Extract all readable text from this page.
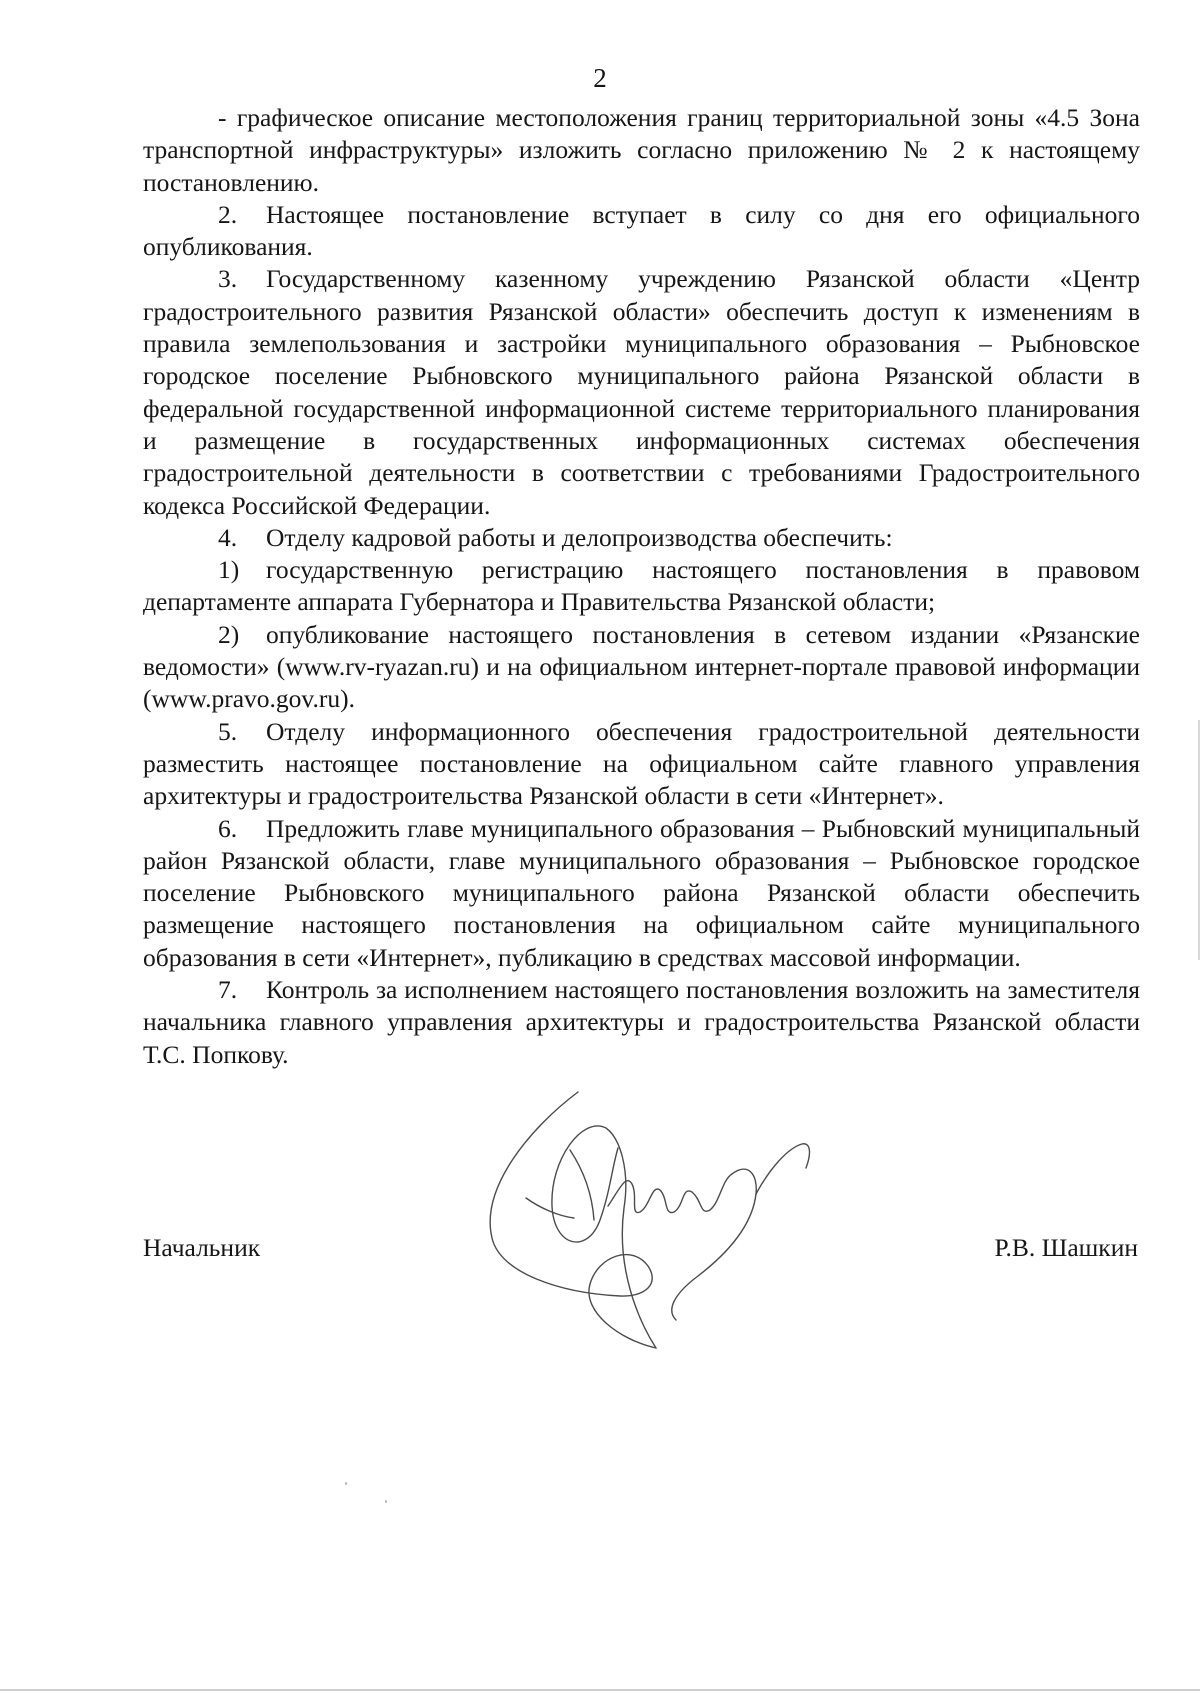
2

- графическое описание местоположения границ территориальной зоны «4.5 Зона транспортной инфраструктуры» изложить согласно приложению № 2 к настоящему постановлению.

2. Настоящее постановление вступает в силу со дня его официального опубликования.

3. Государственному казенному учреждению Рязанской области «Центр градостроительного развития Рязанской области» обеспечить доступ к изменениям в правила землепользования и застройки муниципального образования – Рыбновское городское поселение Рыбновского муниципального района Рязанской области в федеральной государственной информационной системе территориального планирования и размещение в государственных информационных системах обеспечения градостроительной деятельности в соответствии с требованиями Градостроительного кодекса Российской Федерации.

4. Отделу кадровой работы и делопроизводства обеспечить:

1) государственную регистрацию настоящего постановления в правовом департаменте аппарата Губернатора и Правительства Рязанской области;

2) опубликование настоящего постановления в сетевом издании «Рязанские ведомости» (www.rv-ryazan.ru) и на официальном интернет-портале правовой информации (www.pravo.gov.ru).

5. Отделу информационного обеспечения градостроительной деятельности разместить настоящее постановление на официальном сайте главного управления архитектуры и градостроительства Рязанской области в сети «Интернет».

6. Предложить главе муниципального образования – Рыбновский муниципальный район Рязанской области, главе муниципального образования – Рыбновское городское поселение Рыбновского муниципального района Рязанской области обеспечить размещение настоящего постановления на официальном сайте муниципального образования в сети «Интернет», публикацию в средствах массовой информации.

7. Контроль за исполнением настоящего постановления возложить на заместителя начальника главного управления архитектуры и градостроительства Рязанской области Т.С. Попкову.

Начальник	Р.В. Шашкин
